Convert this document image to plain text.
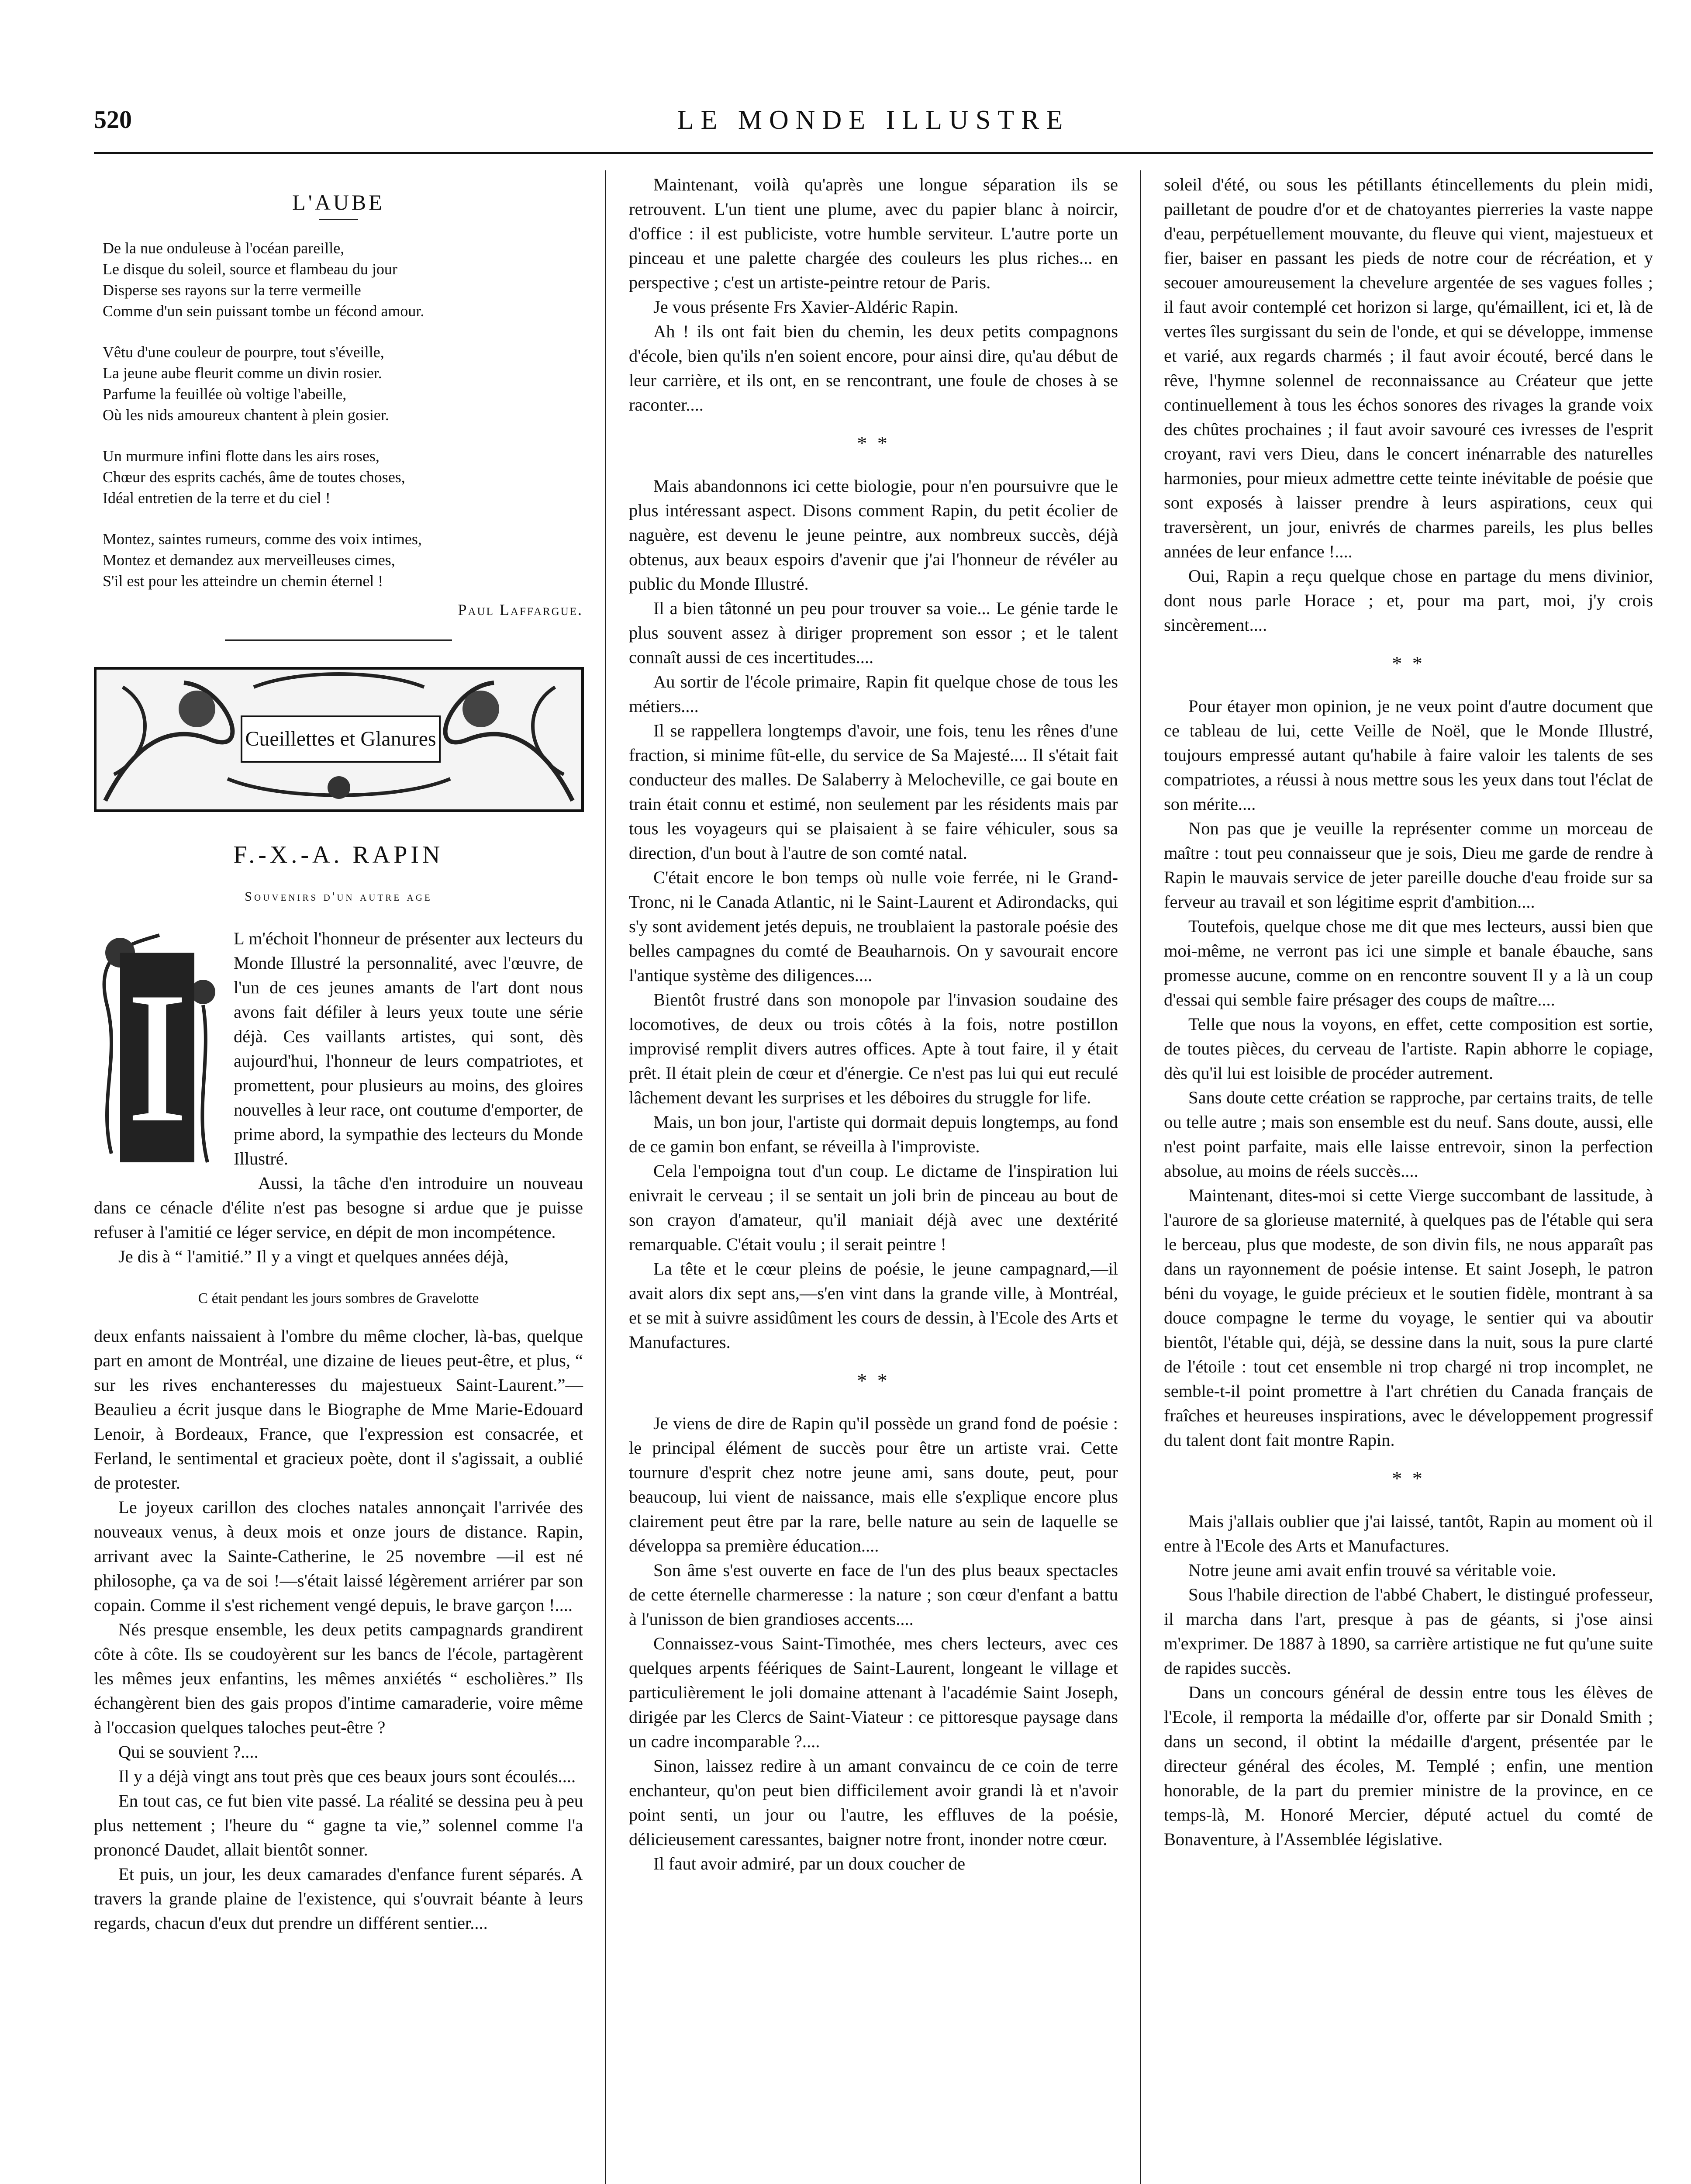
520	LE MONDE ILLUSTRE
L'AUBE
De la nue onduleuse à l'océan pareille,
Le disque du soleil, source et flambeau du jour
Disperse ses rayons sur la terre vermeille
Comme d'un sein puissant tombe un fécond amour.
Vêtu d'une couleur de pourpre, tout s'éveille,
La jeune aube fleurit comme un divin rosier.
Parfume la feuillée où voltige l'abeille,
Où les nids amoureux chantent à plein gosier.
Un murmure infini flotte dans les airs roses,
Chœur des esprits cachés, âme de toutes choses,
Idéal entretien de la terre et du ciel !
Montez, saintes rumeurs, comme des voix intimes,
Montez et demandez aux merveilleuses cimes,
S'il est pour les atteindre un chemin éternel !
Paul Laffargue.
Cueillettes et Glanures
F.-X.-A. RAPIN
Souvenirs d'un autre age
I

L m'échoit l'honneur de présenter aux lecteurs du Monde Illustré la personnalité, avec l'œuvre, de l'un de ces jeunes amants de l'art dont nous avons fait défiler à leurs yeux toute une série déjà. Ces vaillants artistes, qui sont, dès aujourd'hui, l'honneur de leurs compatriotes, et promettent, pour plusieurs au moins, des gloires nouvelles à leur race, ont coutume d'emporter, de prime abord, la sympathie des lecteurs du Monde Illustré.

Aussi, la tâche d'en introduire un nouveau dans ce cénacle d'élite n'est pas besogne si ardue que je puisse refuser à l'amitié ce léger service, en dépit de mon incompétence.

Je dis à “ l'amitié.” Il y a vingt et quelques années déjà,

C était pendant les jours sombres de Gravelotte

deux enfants naissaient à l'ombre du même clocher, là-bas, quelque part en amont de Montréal, une dizaine de lieues peut-être, et plus, “ sur les rives enchanteresses du majestueux Saint-Laurent.”— Beaulieu a écrit jusque dans le Biographe de Mme Marie-Edouard Lenoir, à Bordeaux, France, que l'expression est consacrée, et Ferland, le sentimental et gracieux poète, dont il s'agissait, a oublié de protester.

Le joyeux carillon des cloches natales annonçait l'arrivée des nouveaux venus, à deux mois et onze jours de distance. Rapin, arrivant avec la Sainte-Catherine, le 25 novembre —il est né philosophe, ça va de soi !—s'était laissé légèrement arriérer par son copain. Comme il s'est richement vengé depuis, le brave garçon !....

Nés presque ensemble, les deux petits campagnards grandirent côte à côte. Ils se coudoyèrent sur les bancs de l'école, partagèrent les mêmes jeux enfantins, les mêmes anxiétés “ escholières.” Ils échangèrent bien des gais propos d'intime camaraderie, voire même à l'occasion quelques taloches peut-être ?

Qui se souvient ?....

Il y a déjà vingt ans tout près que ces beaux jours sont écoulés....

En tout cas, ce fut bien vite passé. La réalité se dessina peu à peu plus nettement ; l'heure du “ gagne ta vie,” solennel comme l'a prononcé Daudet, allait bientôt sonner.

Et puis, un jour, les deux camarades d'enfance furent séparés. A travers la grande plaine de l'existence, qui s'ouvrait béante à leurs regards, chacun d'eux dut prendre un différent sentier....

Maintenant, voilà qu'après une longue séparation ils se retrouvent. L'un tient une plume, avec du papier blanc à noircir, d'office : il est publiciste, votre humble serviteur. L'autre porte un pinceau et une palette chargée des couleurs les plus riches... en perspective ; c'est un artiste-peintre retour de Paris.

Je vous présente Frs Xavier-Aldéric Rapin.

Ah ! ils ont fait bien du chemin, les deux petits compagnons d'école, bien qu'ils n'en soient encore, pour ainsi dire, qu'au début de leur carrière, et ils ont, en se rencontrant, une foule de choses à se raconter....

* *

Mais abandonnons ici cette biologie, pour n'en poursuivre que le plus intéressant aspect. Disons comment Rapin, du petit écolier de naguère, est devenu le jeune peintre, aux nombreux succès, déjà obtenus, aux beaux espoirs d'avenir que j'ai l'honneur de révéler au public du Monde Illustré.

Il a bien tâtonné un peu pour trouver sa voie... Le génie tarde le plus souvent assez à diriger proprement son essor ; et le talent connaît aussi de ces incertitudes....

Au sortir de l'école primaire, Rapin fit quelque chose de tous les métiers....

Il se rappellera longtemps d'avoir, une fois, tenu les rênes d'une fraction, si minime fût-elle, du service de Sa Majesté.... Il s'était fait conducteur des malles. De Salaberry à Melocheville, ce gai boute en train était connu et estimé, non seulement par les résidents mais par tous les voyageurs qui se plaisaient à se faire véhiculer, sous sa direction, d'un bout à l'autre de son comté natal.

C'était encore le bon temps où nulle voie ferrée, ni le Grand-Tronc, ni le Canada Atlantic, ni le Saint-Laurent et Adirondacks, qui s'y sont avidement jetés depuis, ne troublaient la pastorale poésie des belles campagnes du comté de Beauharnois. On y savourait encore l'antique système des diligences....

Bientôt frustré dans son monopole par l'invasion soudaine des locomotives, de deux ou trois côtés à la fois, notre postillon improvisé remplit divers autres offices. Apte à tout faire, il y était prêt. Il était plein de cœur et d'énergie. Ce n'est pas lui qui eut reculé lâchement devant les surprises et les déboires du struggle for life.

Mais, un bon jour, l'artiste qui dormait depuis longtemps, au fond de ce gamin bon enfant, se réveilla à l'improviste.

Cela l'empoigna tout d'un coup. Le dictame de l'inspiration lui enivrait le cerveau ; il se sentait un joli brin de pinceau au bout de son crayon d'amateur, qu'il maniait déjà avec une dextérité remarquable. C'était voulu ; il serait peintre !

La tête et le cœur pleins de poésie, le jeune campagnard,—il avait alors dix sept ans,—s'en vint dans la grande ville, à Montréal, et se mit à suivre assidûment les cours de dessin, à l'Ecole des Arts et Manufactures.

* *

Je viens de dire de Rapin qu'il possède un grand fond de poésie : le principal élément de succès pour être un artiste vrai. Cette tournure d'esprit chez notre jeune ami, sans doute, peut, pour beaucoup, lui vient de naissance, mais elle s'explique encore plus clairement peut être par la rare, belle nature au sein de laquelle se développa sa première éducation....

Son âme s'est ouverte en face de l'un des plus beaux spectacles de cette éternelle charmeresse : la nature ; son cœur d'enfant a battu à l'unisson de bien grandioses accents....

Connaissez-vous Saint-Timothée, mes chers lecteurs, avec ces quelques arpents féériques de Saint-Laurent, longeant le village et particulièrement le joli domaine attenant à l'académie Saint Joseph, dirigée par les Clercs de Saint-Viateur : ce pittoresque paysage dans un cadre incomparable ?....

Sinon, laissez redire à un amant convaincu de ce coin de terre enchanteur, qu'on peut bien difficilement avoir grandi là et n'avoir point senti, un jour ou l'autre, les effluves de la poésie, délicieusement caressantes, baigner notre front, inonder notre cœur.

Il faut avoir admiré, par un doux coucher de

soleil d'été, ou sous les pétillants étincellements du plein midi, pailletant de poudre d'or et de chatoyantes pierreries la vaste nappe d'eau, perpétuellement mouvante, du fleuve qui vient, majestueux et fier, baiser en passant les pieds de notre cour de récréation, et y secouer amoureusement la chevelure argentée de ses vagues folles ; il faut avoir contemplé cet horizon si large, qu'émaillent, ici et, là de vertes îles surgissant du sein de l'onde, et qui se développe, immense et varié, aux regards charmés ; il faut avoir écouté, bercé dans le rêve, l'hymne solennel de reconnaissance au Créateur que jette continuellement à tous les échos sonores des rivages la grande voix des chûtes prochaines ; il faut avoir savouré ces ivresses de l'esprit croyant, ravi vers Dieu, dans le concert inénarrable des naturelles harmonies, pour mieux admettre cette teinte inévitable de poésie que sont exposés à laisser prendre à leurs aspirations, ceux qui traversèrent, un jour, enivrés de charmes pareils, les plus belles années de leur enfance !....

Oui, Rapin a reçu quelque chose en partage du mens divinior, dont nous parle Horace ; et, pour ma part, moi, j'y crois sincèrement....

* *

Pour étayer mon opinion, je ne veux point d'autre document que ce tableau de lui, cette Veille de Noël, que le Monde Illustré, toujours empressé autant qu'habile à faire valoir les talents de ses compatriotes, a réussi à nous mettre sous les yeux dans tout l'éclat de son mérite....

Non pas que je veuille la représenter comme un morceau de maître : tout peu connaisseur que je sois, Dieu me garde de rendre à Rapin le mauvais service de jeter pareille douche d'eau froide sur sa ferveur au travail et son légitime esprit d'ambition....

Toutefois, quelque chose me dit que mes lecteurs, aussi bien que moi-même, ne verront pas ici une simple et banale ébauche, sans promesse aucune, comme on en rencontre souvent Il y a là un coup d'essai qui semble faire présager des coups de maître....

Telle que nous la voyons, en effet, cette composition est sortie, de toutes pièces, du cerveau de l'artiste. Rapin abhorre le copiage, dès qu'il lui est loisible de procéder autrement.

Sans doute cette création se rapproche, par certains traits, de telle ou telle autre ; mais son ensemble est du neuf. Sans doute, aussi, elle n'est point parfaite, mais elle laisse entrevoir, sinon la perfection absolue, au moins de réels succès....

Maintenant, dites-moi si cette Vierge succombant de lassitude, à l'aurore de sa glorieuse maternité, à quelques pas de l'étable qui sera le berceau, plus que modeste, de son divin fils, ne nous apparaît pas dans un rayonnement de poésie intense. Et saint Joseph, le patron béni du voyage, le guide précieux et le soutien fidèle, montrant à sa douce compagne le terme du voyage, le sentier qui va aboutir bientôt, l'étable qui, déjà, se dessine dans la nuit, sous la pure clarté de l'étoile : tout cet ensemble ni trop chargé ni trop incomplet, ne semble-t-il point promettre à l'art chrétien du Canada français de fraîches et heureuses inspirations, avec le développement progressif du talent dont fait montre Rapin.

* *

Mais j'allais oublier que j'ai laissé, tantôt, Rapin au moment où il entre à l'Ecole des Arts et Manufactures.

Notre jeune ami avait enfin trouvé sa véritable voie.

Sous l'habile direction de l'abbé Chabert, le distingué professeur, il marcha dans l'art, presque à pas de géants, si j'ose ainsi m'exprimer. De 1887 à 1890, sa carrière artistique ne fut qu'une suite de rapides succès.

Dans un concours général de dessin entre tous les élèves de l'Ecole, il remporta la médaille d'or, offerte par sir Donald Smith ; dans un second, il obtint la médaille d'argent, présentée par le directeur général des écoles, M. Templé ; enfin, une mention honorable, de la part du premier ministre de la province, en ce temps-là, M. Honoré Mercier, député actuel du comté de Bonaventure, à l'Assemblée législative.
